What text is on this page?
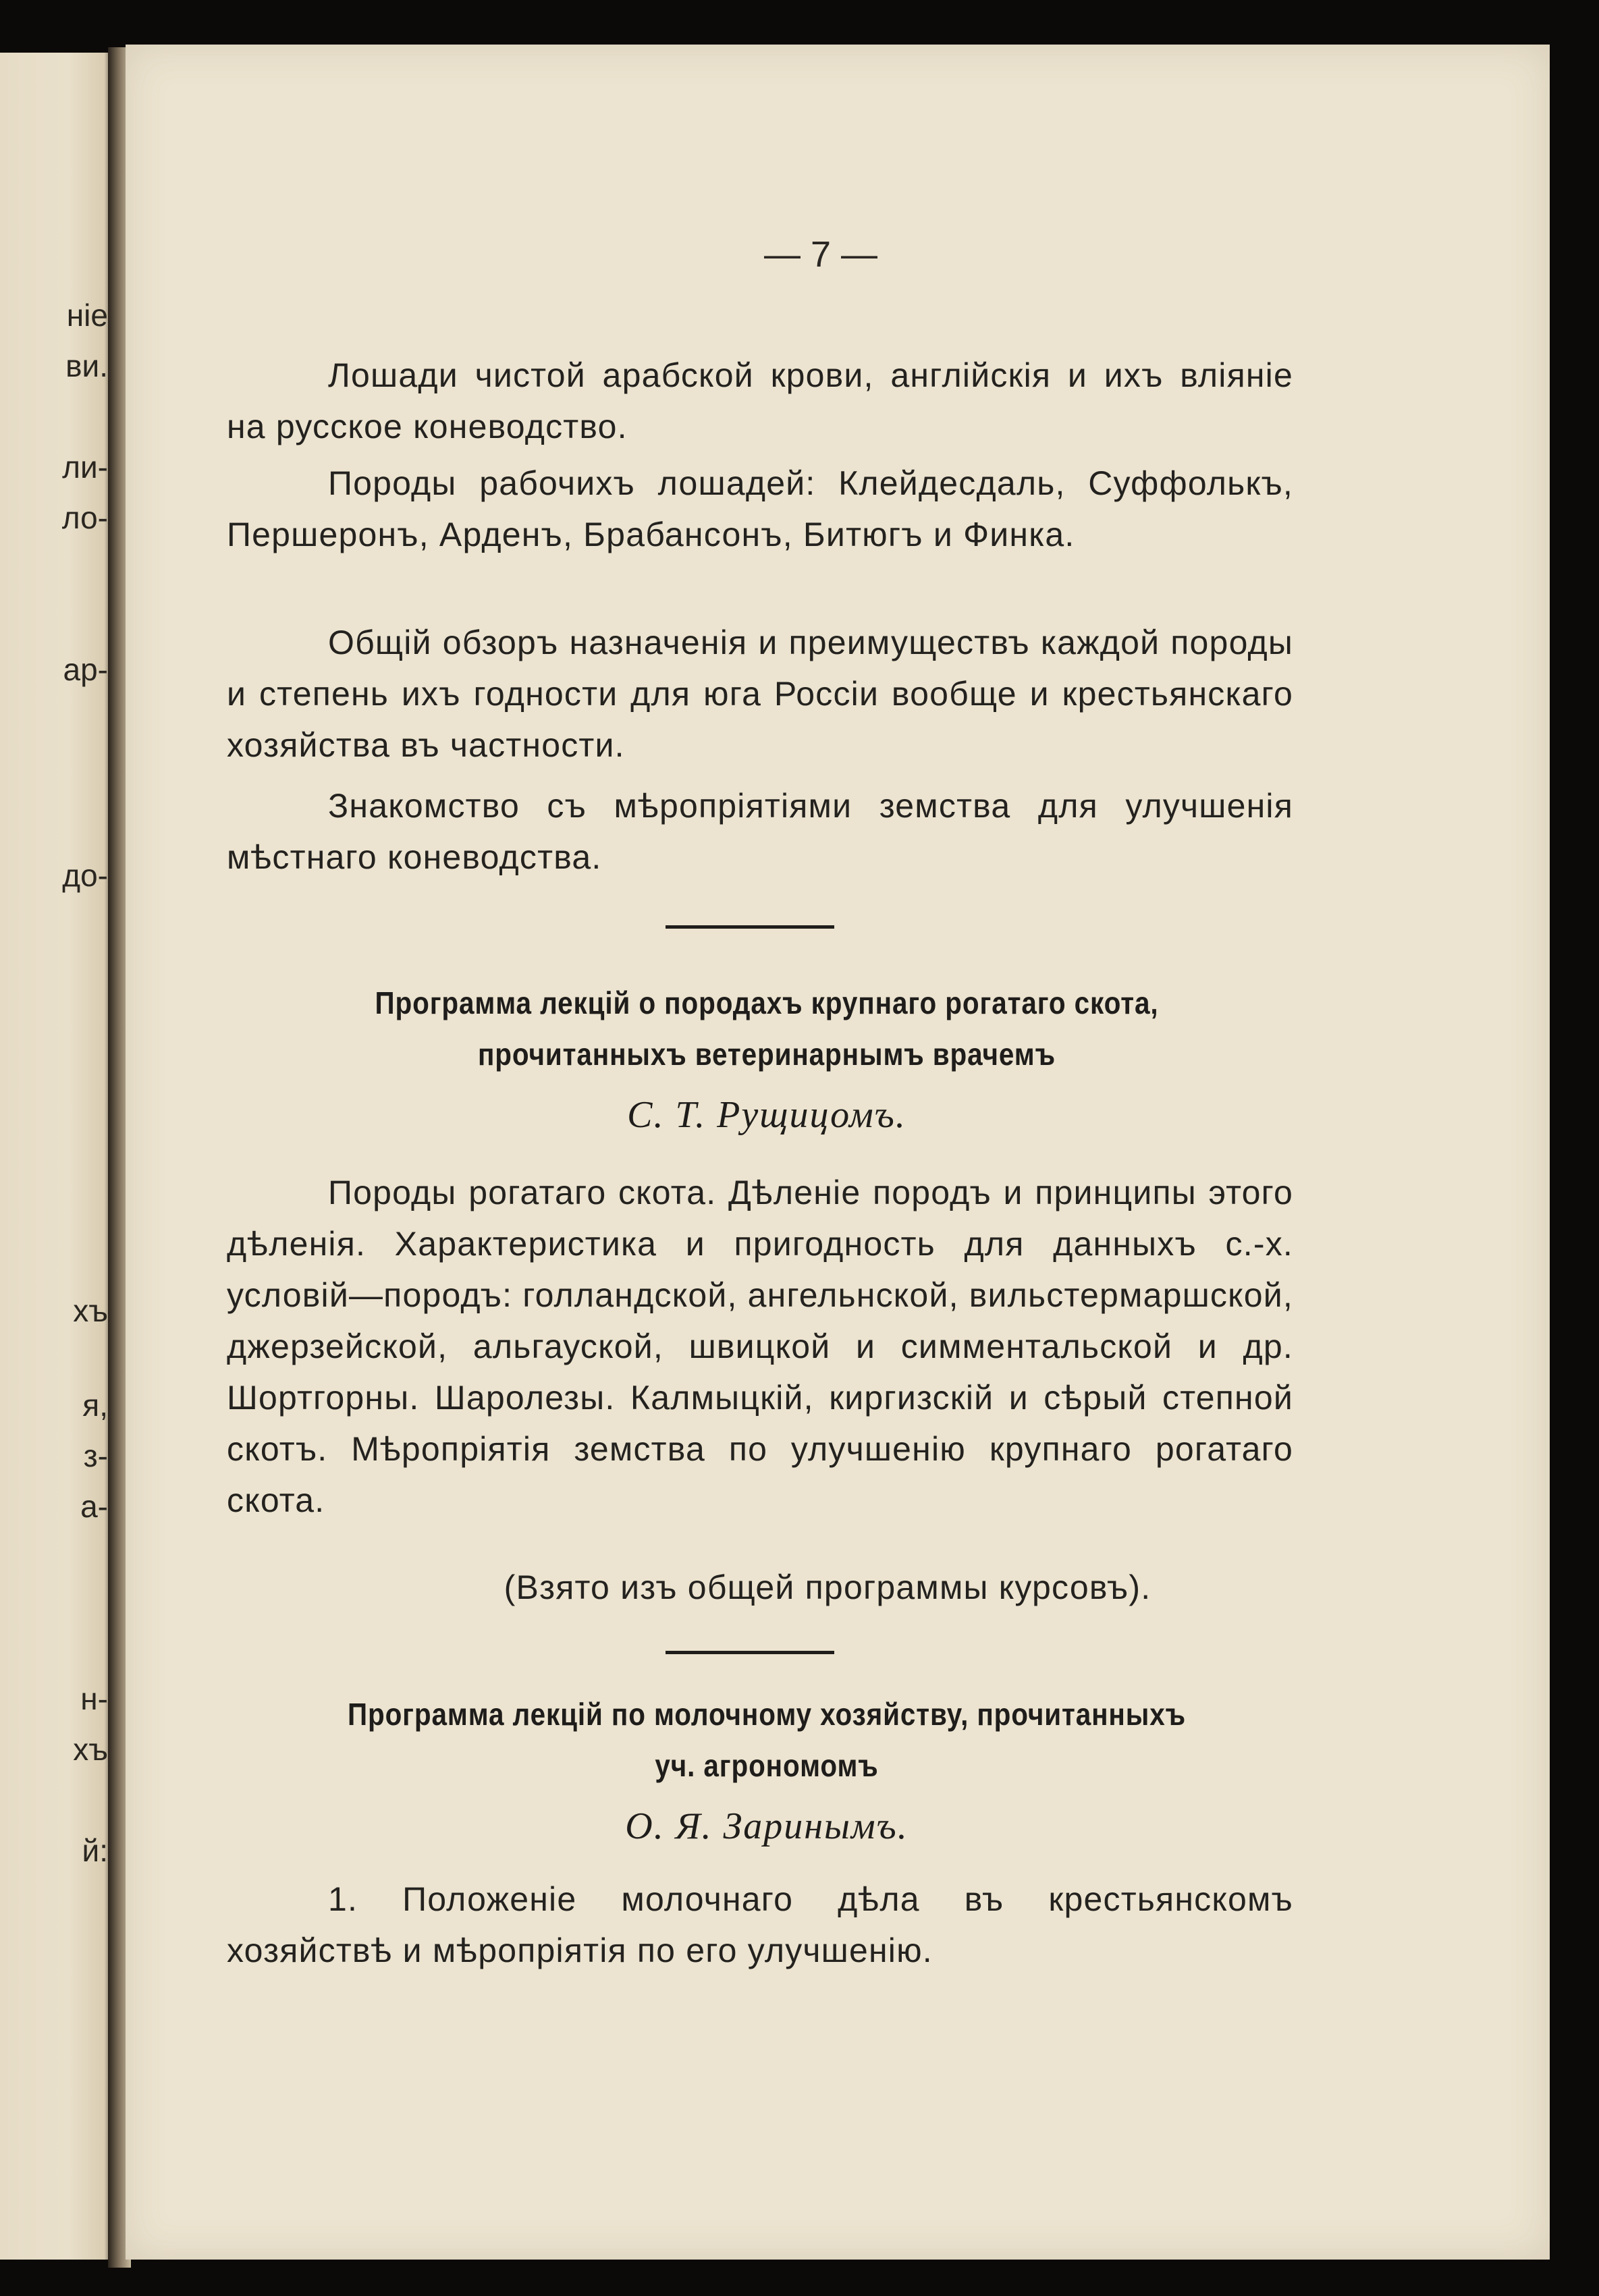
ніе
ви.
ли-
ло-
ар-
до-
хъ
я,
з-
а-
н-
хъ
й:
— 7 —
Лошади чистой арабской крови, англійскія и ихъ вліяніе на русское коневодство.
Породы рабочихъ лошадей: Клейдесдаль, Суффолькъ, Першеронъ, Арденъ, Брабансонъ, Битюгъ и Финка.
Общій обзоръ назначенія и преимуществъ каждой породы и степень ихъ годности для юга Россіи вообще и крестьянскаго хозяйства въ частности.
Знакомство съ мѣропріятіями земства для улучшенія мѣстнаго коневодства.
Программа лекцій о породахъ крупнаго рогатаго скота,
прочитанныхъ ветеринарнымъ врачемъ
С. Т. Рущицомъ.
Породы рогатаго скота. Дѣленіе породъ и принципы этого дѣленія. Характеристика и пригодность для данныхъ с.-х. условій—породъ: голландской, ангельнской, вильстермаршской, джерзейской, альгауской, швицкой и симментальской и др. Шортгорны. Шаролезы. Калмыцкій, киргизскій и сѣрый степной скотъ. Мѣропріятія земства по улучшенію крупнаго рогатаго скота.
(Взято изъ общей программы курсовъ).
Программа лекцій по молочному хозяйству, прочитанныхъ
уч. агрономомъ
О. Я. Заринымъ.
1. Положеніе молочнаго дѣла въ крестьянскомъ хозяйствѣ и мѣропріятія по его улучшенію.
